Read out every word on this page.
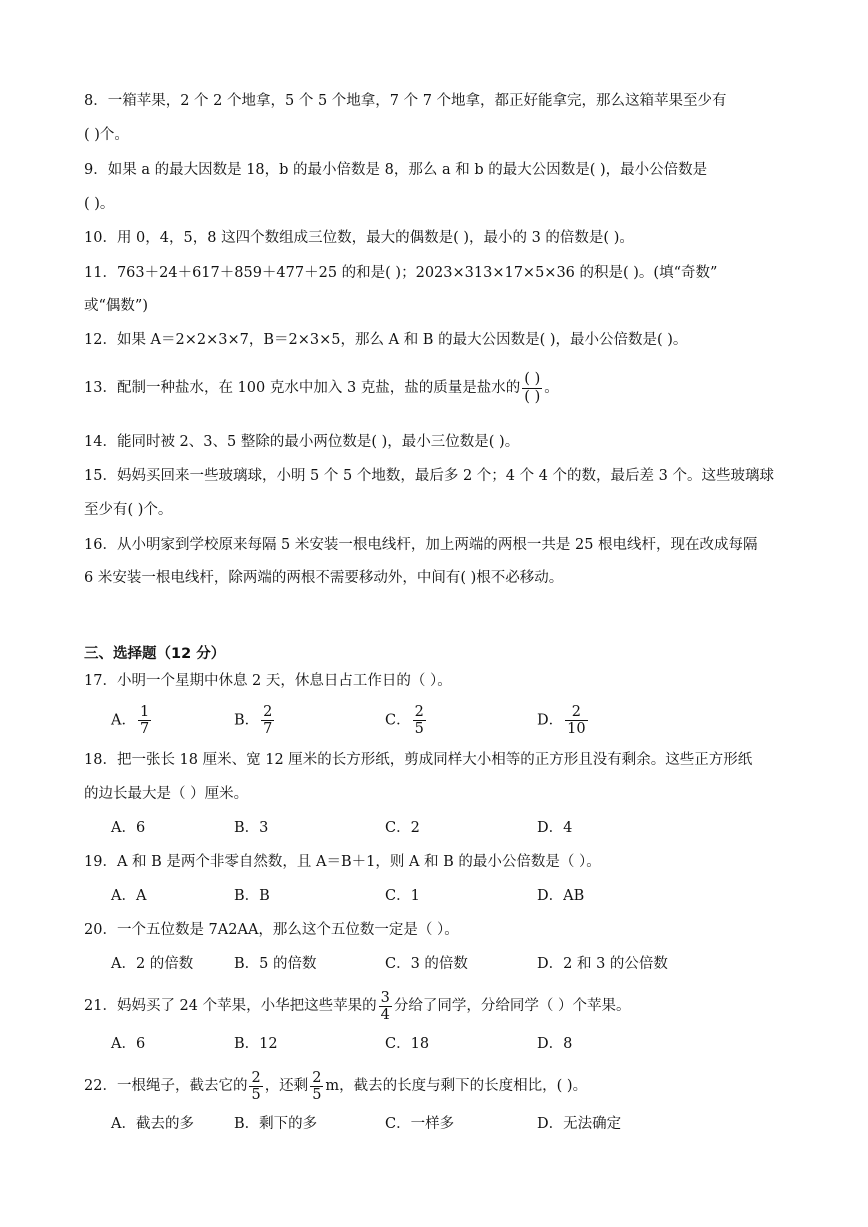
8．一箱苹果，2 个 2 个地拿，5 个 5 个地拿，7 个 7 个地拿，都正好能拿完，那么这箱苹果至少有
( )个。
9．如果 a 的最大因数是 18，b 的最小倍数是 8，那么 a 和 b 的最大公因数是( )，最小公倍数是
( )。
10．用 0，4，5，8 这四个数组成三位数，最大的偶数是( )，最小的 3 的倍数是( )。
11．763＋24＋617＋859＋477＋25 的和是( )；2023×313×17×5×36 的积是( )。(填“奇数”
或“偶数”)
12．如果 A＝2×2×3×7，B＝2×3×5，那么 A 和 B 的最大公因数是( )，最小公倍数是( )。
13．配制一种盐水，在 100 克水中加入 3 克盐，盐的质量是盐水的 $\frac{( )}{( )}$ 。
14．能同时被 2、3、5 整除的最小两位数是( )，最小三位数是( )。
15．妈妈买回来一些玻璃球，小明 5 个 5 个地数，最后多 2 个；4 个 4 个的数，最后差 3 个。这些玻璃球
至少有( )个。
16．从小明家到学校原来每隔 5 米安装一根电线杆，加上两端的两根一共是 25 根电线杆，现在改成每隔
6 米安装一根电线杆，除两端的两根不需要移动外，中间有( )根不必移动。
三、选择题（12 分）
17．小明一个星期中休息 2 天，休息日占工作日的（ ）。
A． $\frac{1}{7}$	B． $\frac{2}{7}$	C． $\frac{2}{5}$	D． $\frac{2}{10}$
18．把一张长 18 厘米、宽 12 厘米的长方形纸，剪成同样大小相等的正方形且没有剩余。这些正方形纸
的边长最大是（ ）厘米。
A．6	B．3	C．2	D．4
19．A 和 B 是两个非零自然数，且 A＝B＋1，则 A 和 B 的最小公倍数是（ ）。
A．A	B．B	C．1	D．AB
20．一个五位数是 7A2AA，那么这个五位数一定是（ ）。
A．2 的倍数	B．5 的倍数	C．3 的倍数	D．2 和 3 的公倍数
21．妈妈买了 24 个苹果，小华把这些苹果的 $\frac{3}{4}$ 分给了同学，分给同学（ ）个苹果。
A．6	B．12	C．18	D．8
22．一根绳子，截去它的 $\frac{2}{5}$ ，还剩 $\frac{2}{5}$ m，截去的长度与剩下的长度相比，( )。
A．截去的多	B．剩下的多	C．一样多	D．无法确定
